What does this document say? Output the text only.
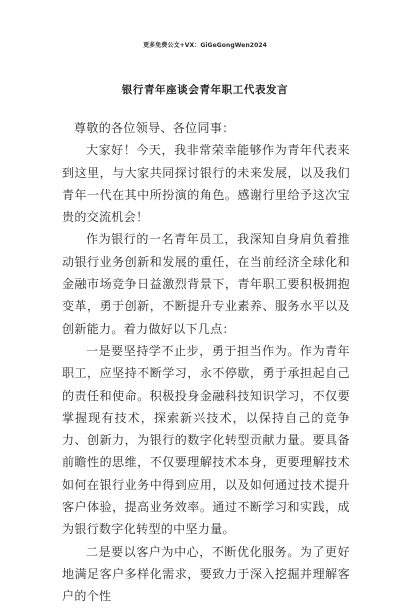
更多免费公文+VX：GiGeGongWen2024
银行青年座谈会青年职工代表发言

尊敬的各位领导、各位同事：

大家好！今天，我非常荣幸能够作为青年代表来到这里，与大家共同探讨银行的未来发展，以及我们青年一代在其中所扮演的角色。感谢行里给予这次宝贵的交流机会！

作为银行的一名青年员工，我深知自身肩负着推动银行业务创新和发展的重任，在当前经济全球化和金融市场竞争日益激烈背景下，青年职工要积极拥抱变革，勇于创新，不断提升专业素养、服务水平以及创新能力。着力做好以下几点：

一是要坚持学不止步，勇于担当作为。作为青年职工，应坚持不断学习，永不停歇，勇于承担起自己的责任和使命。积极投身金融科技知识学习，不仅要掌握现有技术，探索新兴技术，以保持自己的竞争力、创新力，为银行的数字化转型贡献力量。要具备前瞻性的思维，不仅要理解技术本身，更要理解技术如何在银行业务中得到应用，以及如何通过技术提升客户体验，提高业务效率。通过不断学习和实践，成为银行数字化转型的中坚力量。

二是要以客户为中心，不断优化服务。为了更好地满足客户多样化需求，要致力于深入挖掘并理解客户的个性
